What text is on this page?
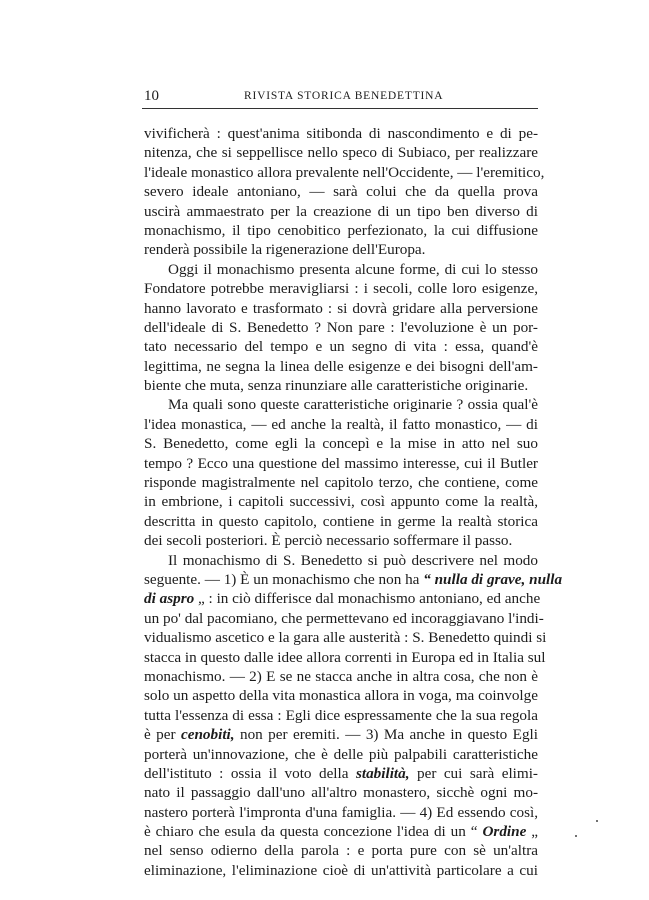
10	RIVISTA STORICA BENEDETTINA
vivificherà : quest'anima sitibonda di nascondimento e di pe-
nitenza, che si seppellisce nello speco di Subiaco, per realizzare
l'ideale monastico allora prevalente nell'Occidente, — l'eremitico,
severo ideale antoniano, — sarà colui che da quella prova
uscirà ammaestrato per la creazione di un tipo ben diverso di
monachismo, il tipo cenobitico perfezionato, la cui diffusione
renderà possibile la rigenerazione dell'Europa.
Oggi il monachismo presenta alcune forme, di cui lo stesso
Fondatore potrebbe meravigliarsi : i secoli, colle loro esigenze,
hanno lavorato e trasformato : si dovrà gridare alla perversione
dell'ideale di S. Benedetto ? Non pare : l'evoluzione è un por-
tato necessario del tempo e un segno di vita : essa, quand'è
legittima, ne segna la linea delle esigenze e dei bisogni dell'am-
biente che muta, senza rinunziare alle caratteristiche originarie.
Ma quali sono queste caratteristiche originarie ? ossia qual'è
l'idea monastica, — ed anche la realtà, il fatto monastico, — di
S. Benedetto, come egli la concepì e la mise in atto nel suo
tempo ? Ecco una questione del massimo interesse, cui il Butler
risponde magistralmente nel capitolo terzo, che contiene, come
in embrione, i capitoli successivi, così appunto come la realtà,
descritta in questo capitolo, contiene in germe la realtà storica
dei secoli posteriori. È perciò necessario soffermare il passo.
Il monachismo di S. Benedetto si può descrivere nel modo
seguente. — 1) È un monachismo che non ha “ nulla di grave, nulla
di aspro „ : in ciò differisce dal monachismo antoniano, ed anche
un po' dal pacomiano, che permettevano ed incoraggiavano l'indi-
vidualismo ascetico e la gara alle austerità : S. Benedetto quindi si
stacca in questo dalle idee allora correnti in Europa ed in Italia sul
monachismo. — 2) E se ne stacca anche in altra cosa, che non è
solo un aspetto della vita monastica allora in voga, ma coinvolge
tutta l'essenza di essa : Egli dice espressamente che la sua regola
è per cenobiti, non per eremiti. — 3) Ma anche in questo Egli
porterà un'innovazione, che è delle più palpabili caratteristiche
dell'istituto : ossia il voto della stabilità, per cui sarà elimi-
nato il passaggio dall'uno all'altro monastero, sicchè ogni mo-
nastero porterà l'impronta d'una famiglia. — 4) Ed essendo così,
è chiaro che esula da questa concezione l'idea di un “ Ordine „
nel senso odierno della parola : e porta pure con sè un'altra
eliminazione, l'eliminazione cioè di un'attività particolare a cui
